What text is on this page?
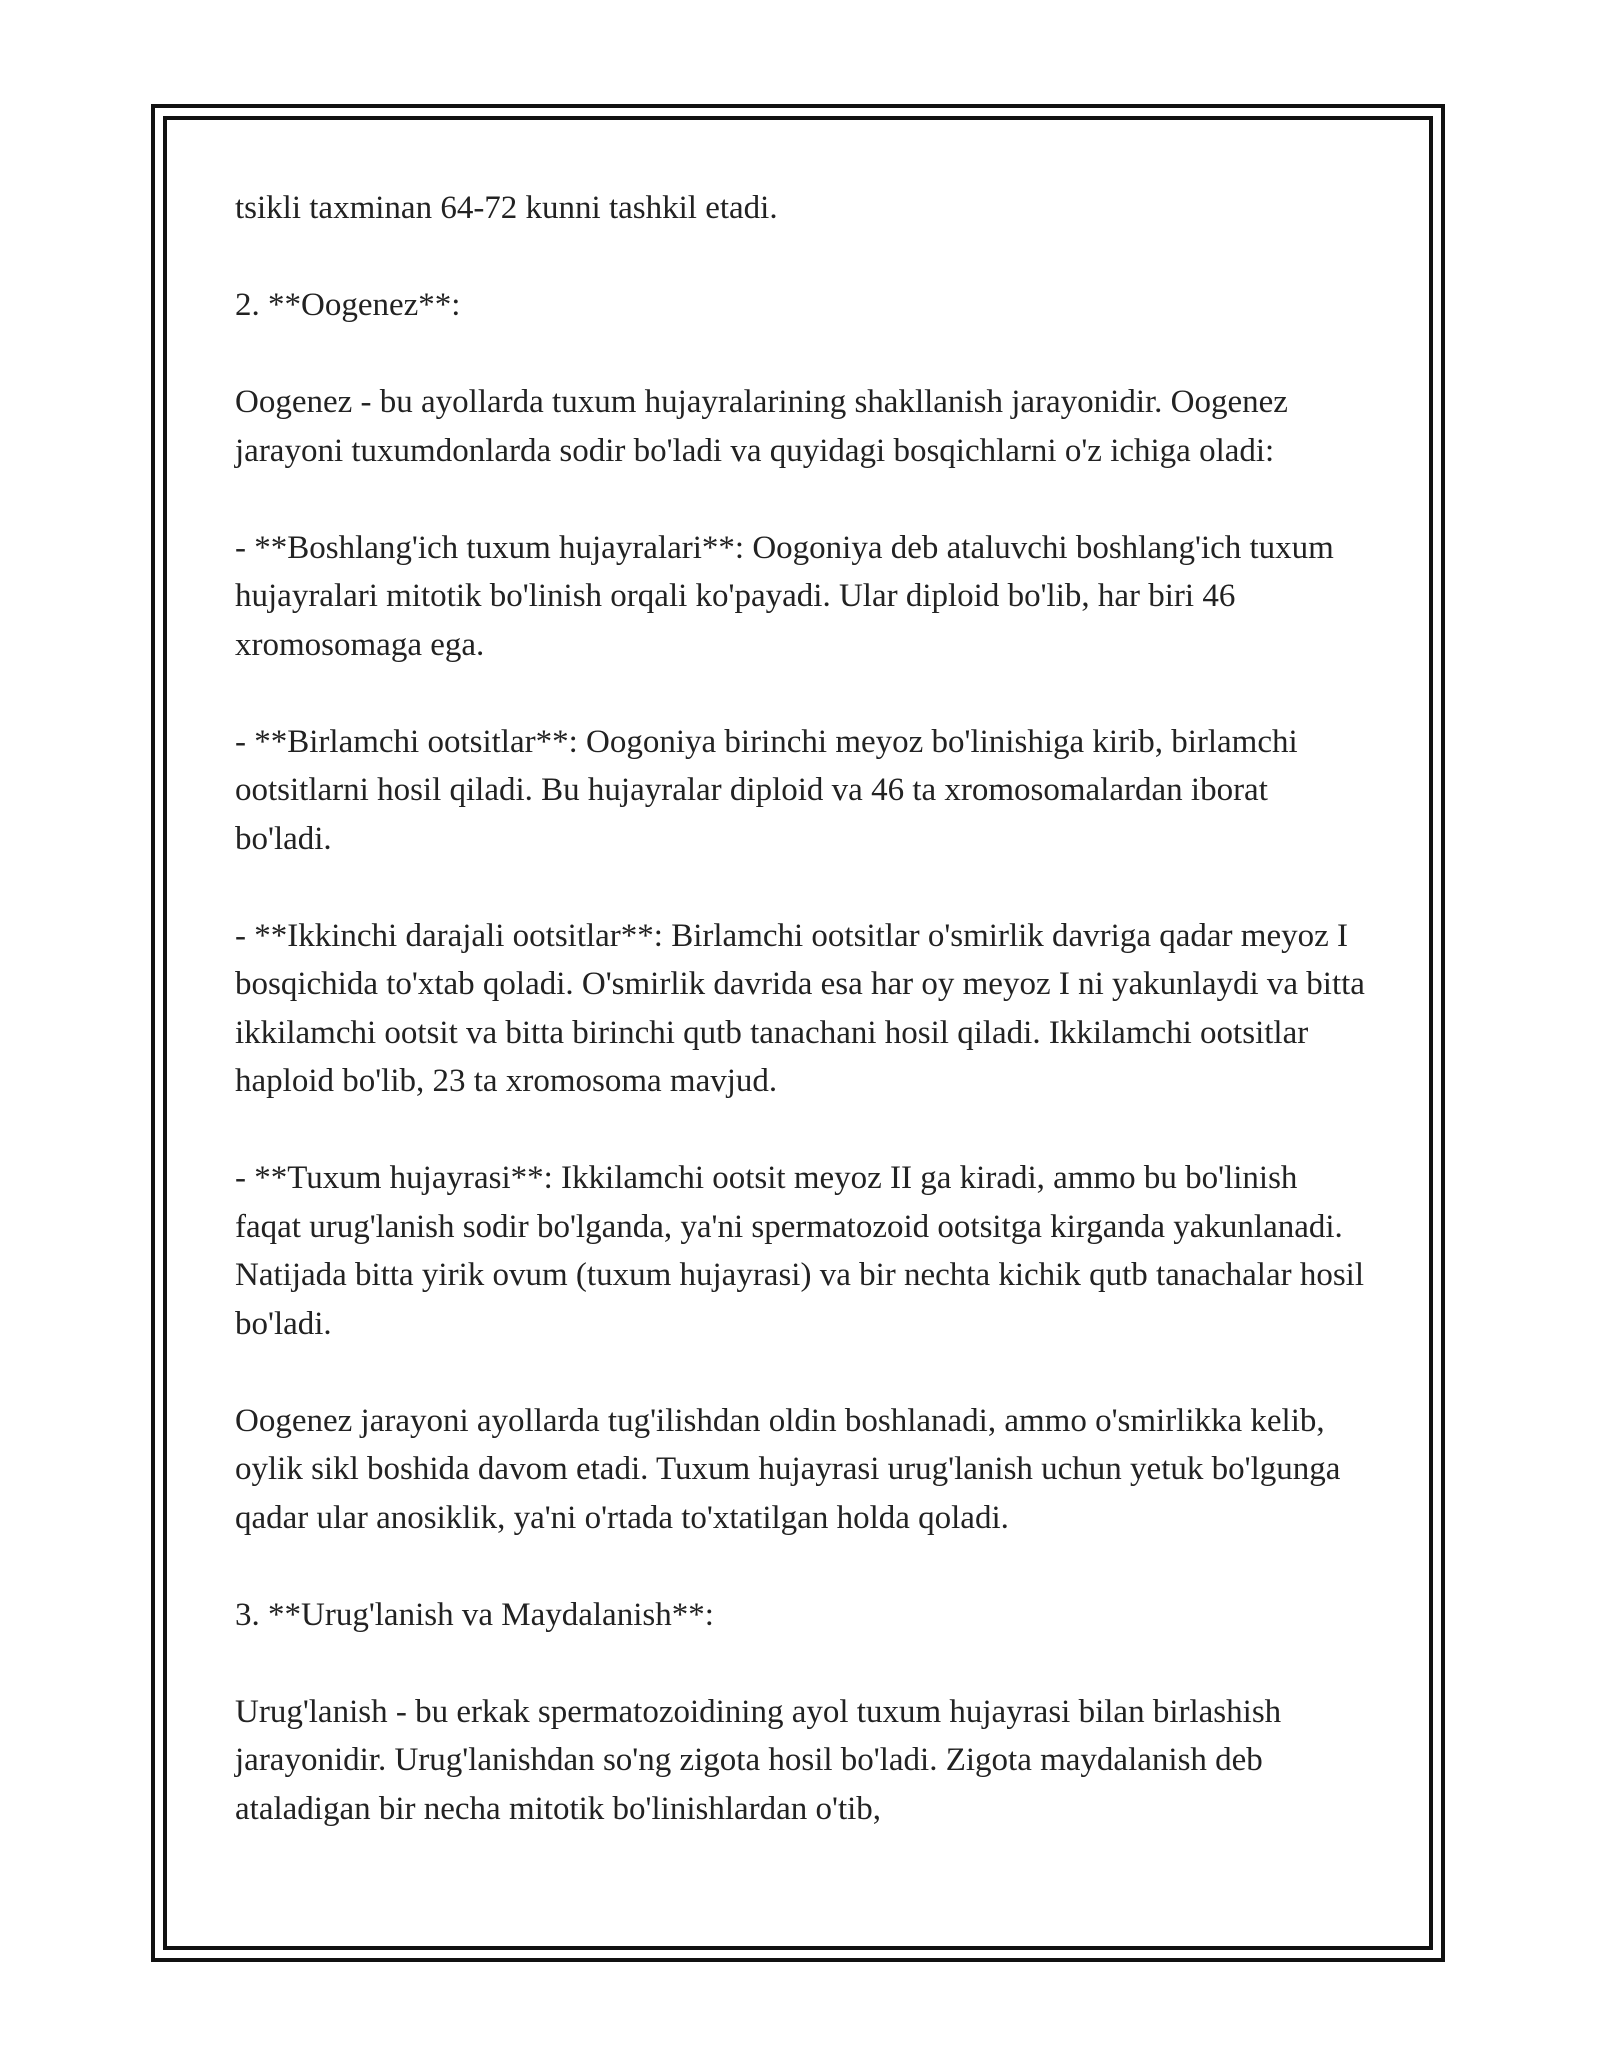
tsikli taxminan 64-72 kunni tashkil etadi.

2. **Oogenez**:

Oogenez - bu ayollarda tuxum hujayralarining shakllanish jarayonidir. Oogenez jarayoni tuxumdonlarda sodir bo'ladi va quyidagi bosqichlarni o'z ichiga oladi:

- **Boshlang'ich tuxum hujayralari**: Oogoniya deb ataluvchi boshlang'ich tuxum hujayralari mitotik bo'linish orqali ko'payadi. Ular diploid bo'lib, har biri 46 xromosomaga ega.

- **Birlamchi ootsitlar**: Oogoniya birinchi meyoz bo'linishiga kirib, birlamchi ootsitlarni hosil qiladi. Bu hujayralar diploid va 46 ta xromosomalardan iborat bo'ladi.

- **Ikkinchi darajali ootsitlar**: Birlamchi ootsitlar o'smirlik davriga qadar meyoz I bosqichida to'xtab qoladi. O'smirlik davrida esa har oy meyoz I ni yakunlaydi va bitta ikkilamchi ootsit va bitta birinchi qutb tanachani hosil qiladi. Ikkilamchi ootsitlar haploid bo'lib, 23 ta xromosoma mavjud.

- **Tuxum hujayrasi**: Ikkilamchi ootsit meyoz II ga kiradi, ammo bu bo'linish faqat urug'lanish sodir bo'lganda, ya'ni spermatozoid ootsitga kirganda yakunlanadi. Natijada bitta yirik ovum (tuxum hujayrasi) va bir nechta kichik qutb tanachalar hosil bo'ladi.

Oogenez jarayoni ayollarda tug'ilishdan oldin boshlanadi, ammo o'smirlikka kelib, oylik sikl boshida davom etadi. Tuxum hujayrasi urug'lanish uchun yetuk bo'lgunga qadar ular anosiklik, ya'ni o'rtada to'xtatilgan holda qoladi.

3. **Urug'lanish va Maydalanish**:

Urug'lanish - bu erkak spermatozoidining ayol tuxum hujayrasi bilan birlashish jarayonidir. Urug'lanishdan so'ng zigota hosil bo'ladi. Zigota maydalanish deb ataladigan bir necha mitotik bo'linishlardan o'tib,
